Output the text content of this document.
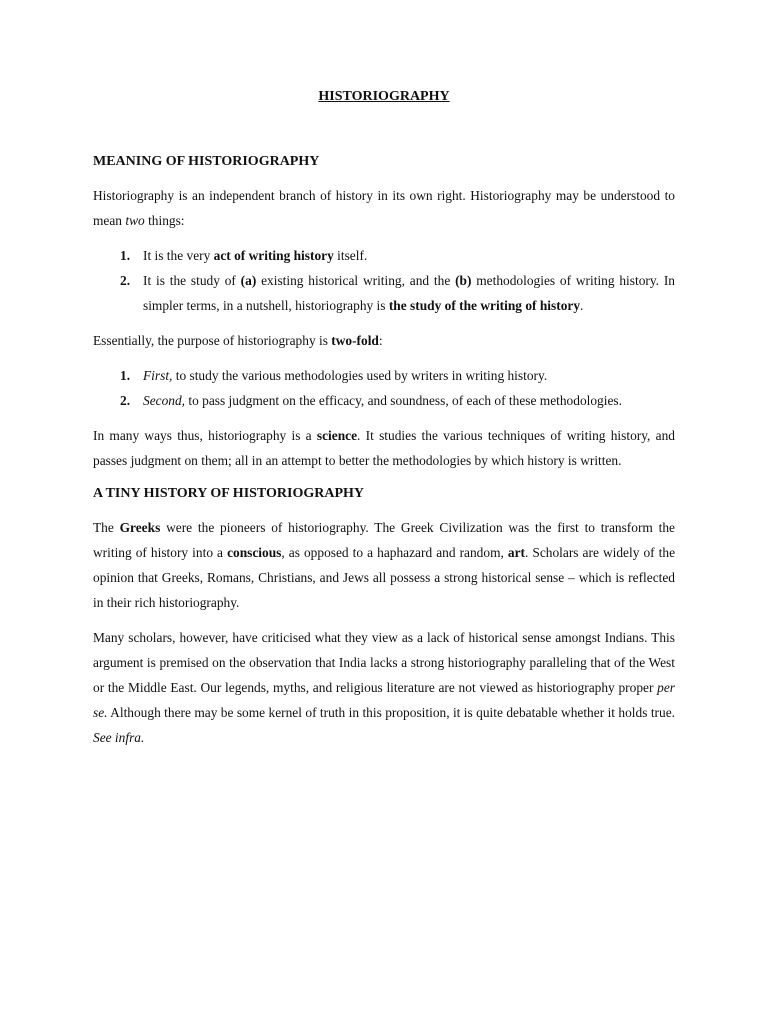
HISTORIOGRAPHY
MEANING OF HISTORIOGRAPHY

Historiography is an independent branch of history in its own right. Historiography may be understood to mean two things:

1. It is the very act of writing history itself.
2. It is the study of (a) existing historical writing, and the (b) methodologies of writing history. In simpler terms, in a nutshell, historiography is the study of the writing of history.

Essentially, the purpose of historiography is two-fold:

1. First, to study the various methodologies used by writers in writing history.
2. Second, to pass judgment on the efficacy, and soundness, of each of these methodologies.

In many ways thus, historiography is a science. It studies the various techniques of writing history, and passes judgment on them; all in an attempt to better the methodologies by which history is written.

A TINY HISTORY OF HISTORIOGRAPHY

The Greeks were the pioneers of historiography. The Greek Civilization was the first to transform the writing of history into a conscious, as opposed to a haphazard and random, art. Scholars are widely of the opinion that Greeks, Romans, Christians, and Jews all possess a strong historical sense – which is reflected in their rich historiography.

Many scholars, however, have criticised what they view as a lack of historical sense amongst Indians. This argument is premised on the observation that India lacks a strong historiography paralleling that of the West or the Middle East. Our legends, myths, and religious literature are not viewed as historiography proper per se. Although there may be some kernel of truth in this proposition, it is quite debatable whether it holds true. See infra.
